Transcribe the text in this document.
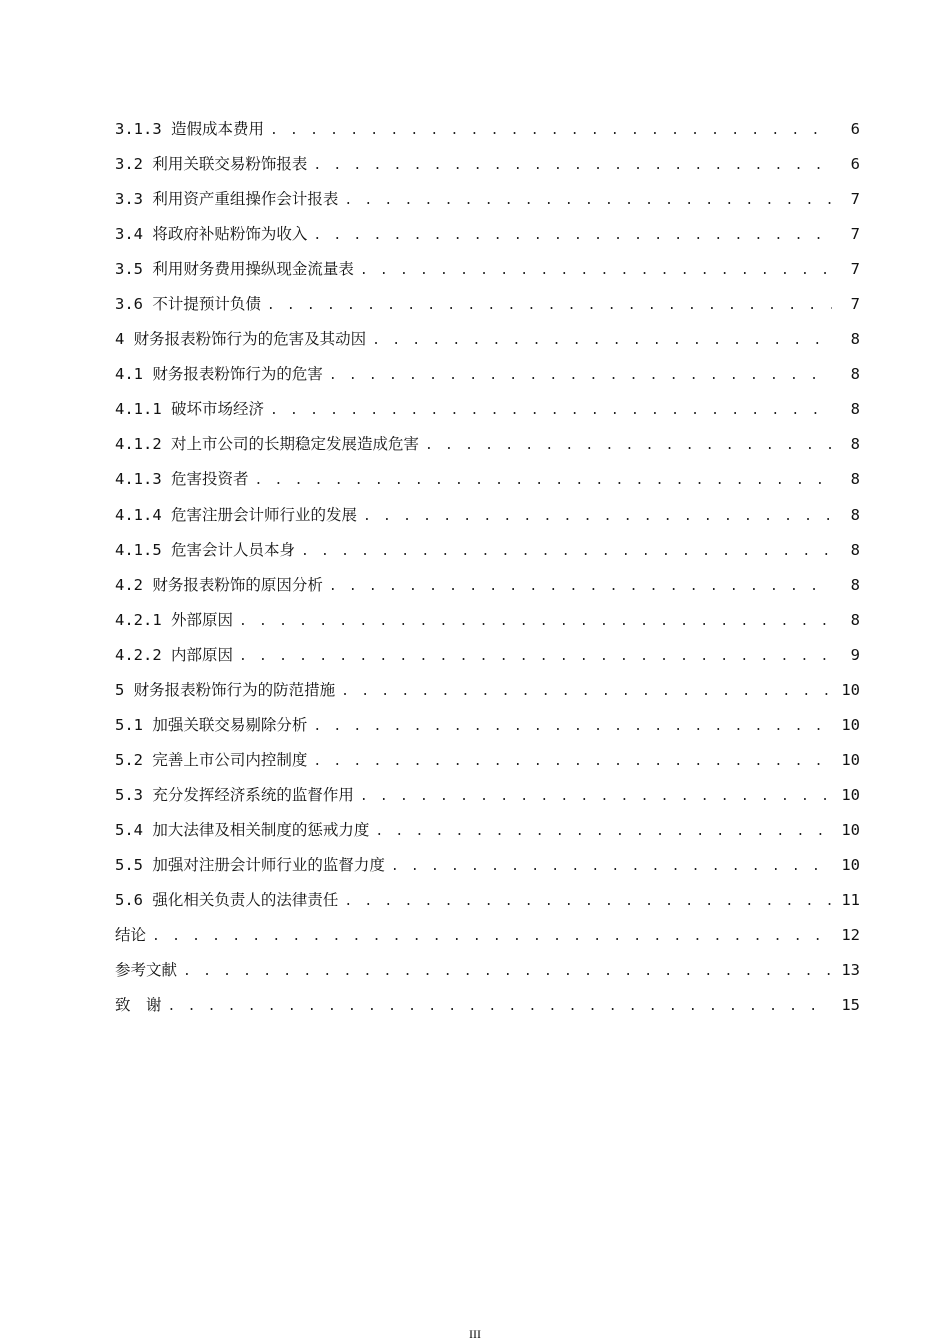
3.1.3 造假成本费用 . . .	6
3.2 利用关联交易粉饰报表 . . .	6
3.3 利用资产重组操作会计报表 . . .	7
3.4 将政府补贴粉饰为收入 . . .	7
3.5 利用财务费用操纵现金流量表 . . .	7
3.6 不计提预计负债 . . .	7
4 财务报表粉饰行为的危害及其动因 . . .	8
4.1 财务报表粉饰行为的危害 . . .	8
4.1.1 破坏市场经济 . . .	8
4.1.2 对上市公司的长期稳定发展造成危害 . . .	8
4.1.3 危害投资者 . . .	8
4.1.4 危害注册会计师行业的发展 . . .	8
4.1.5 危害会计人员本身 . . .	8
4.2 财务报表粉饰的原因分析 . . .	8
4.2.1 外部原因 . . .	8
4.2.2 内部原因 . . .	9
5 财务报表粉饰行为的防范措施 . . .	10
5.1 加强关联交易剔除分析 . . .	10
5.2 完善上市公司内控制度 . . .	10
5.3 充分发挥经济系统的监督作用 . . .	10
5.4 加大法律及相关制度的惩戒力度 . . .	10
5.5 加强对注册会计师行业的监督力度 . . .	10
5.6 强化相关负责人的法律责任 . . .	11
结论 . . .	12
参考文献 . . .	13
致　谢 . . .	15
III
